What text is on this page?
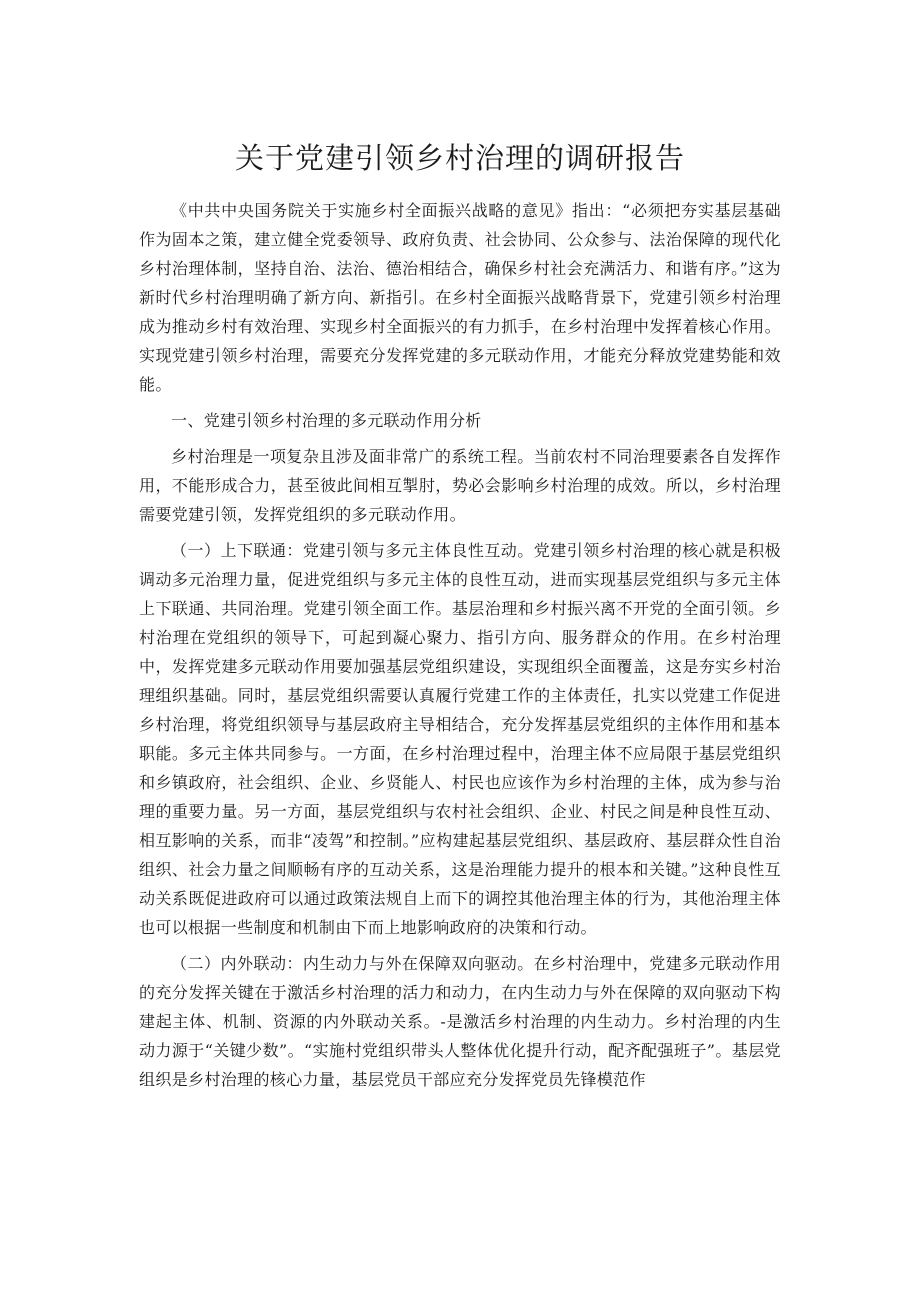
关于党建引领乡村治理的调研报告

《中共中央国务院关于实施乡村全面振兴战略的意见》指出：“必须把夯实基层基础作为固本之策，建立健全党委领导、政府负责、社会协同、公众参与、法治保障的现代化乡村治理体制，坚持自治、法治、德治相结合，确保乡村社会充满活力、和谐有序。”这为新时代乡村治理明确了新方向、新指引。在乡村全面振兴战略背景下，党建引领乡村治理成为推动乡村有效治理、实现乡村全面振兴的有力抓手，在乡村治理中发挥着核心作用。实现党建引领乡村治理，需要充分发挥党建的多元联动作用，才能充分释放党建势能和效能。

一、党建引领乡村治理的多元联动作用分析

乡村治理是一项复杂且涉及面非常广的系统工程。当前农村不同治理要素各自发挥作用，不能形成合力，甚至彼此间相互掣肘，势必会影响乡村治理的成效。所以，乡村治理需要党建引领，发挥党组织的多元联动作用。

（一）上下联通：党建引领与多元主体良性互动。党建引领乡村治理的核心就是积极调动多元治理力量，促进党组织与多元主体的良性互动，进而实现基层党组织与多元主体上下联通、共同治理。党建引领全面工作。基层治理和乡村振兴离不开党的全面引领。乡村治理在党组织的领导下，可起到凝心聚力、指引方向、服务群众的作用。在乡村治理中，发挥党建多元联动作用要加强基层党组织建设，实现组织全面覆盖，这是夯实乡村治理组织基础。同时，基层党组织需要认真履行党建工作的主体责任，扎实以党建工作促进乡村治理，将党组织领导与基层政府主导相结合，充分发挥基层党组织的主体作用和基本职能。多元主体共同参与。一方面，在乡村治理过程中，治理主体不应局限于基层党组织和乡镇政府，社会组织、企业、乡贤能人、村民也应该作为乡村治理的主体，成为参与治理的重要力量。另一方面，基层党组织与农村社会组织、企业、村民之间是种良性互动、相互影响的关系，而非“凌驾”和控制。”应构建起基层党组织、基层政府、基层群众性自治组织、社会力量之间顺畅有序的互动关系，这是治理能力提升的根本和关键。”这种良性互动关系既促进政府可以通过政策法规自上而下的调控其他治理主体的行为，其他治理主体也可以根据一些制度和机制由下而上地影响政府的决策和行动。

（二）内外联动：内生动力与外在保障双向驱动。在乡村治理中，党建多元联动作用的充分发挥关键在于激活乡村治理的活力和动力，在内生动力与外在保障的双向驱动下构建起主体、机制、资源的内外联动关系。-是激活乡村治理的内生动力。乡村治理的内生动力源于“关键少数”。“实施村党组织带头人整体优化提升行动，配齐配强班子”。基层党组织是乡村治理的核心力量，基层党员干部应充分发挥党员先锋模范作
